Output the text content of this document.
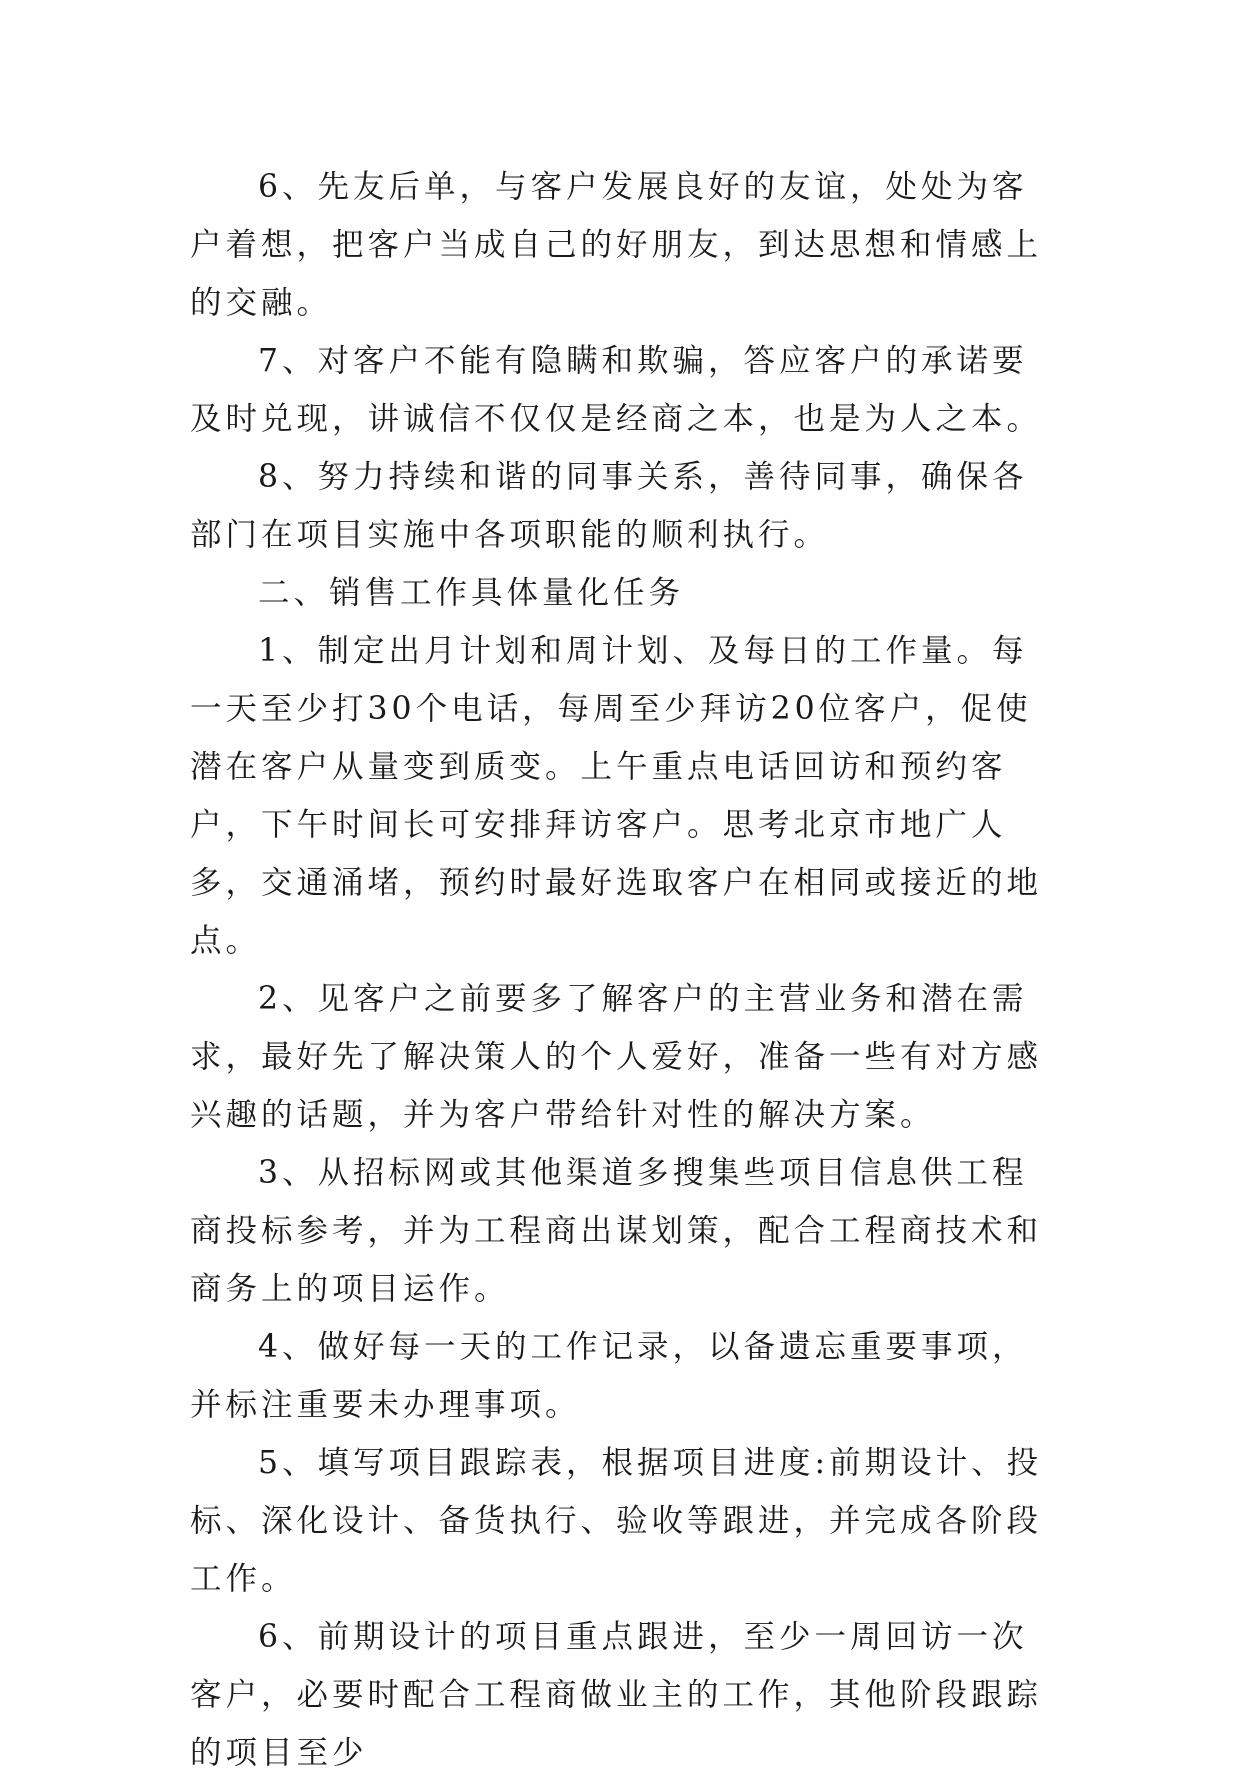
6、先友后单，与客户发展良好的友谊，处处为客户着想，把客户当成自己的好朋友，到达思想和情感上的交融。

7、对客户不能有隐瞒和欺骗，答应客户的承诺要及时兑现，讲诚信不仅仅是经商之本，也是为人之本。

8、努力持续和谐的同事关系，善待同事，确保各部门在项目实施中各项职能的顺利执行。

二、销售工作具体量化任务

1、制定出月计划和周计划、及每日的工作量。每一天至少打30个电话，每周至少拜访20位客户，促使潜在客户从量变到质变。上午重点电话回访和预约客户，下午时间长可安排拜访客户。思考北京市地广人多，交通涌堵，预约时最好选取客户在相同或接近的地点。

2、见客户之前要多了解客户的主营业务和潜在需求，最好先了解决策人的个人爱好，准备一些有对方感兴趣的话题，并为客户带给针对性的解决方案。

3、从招标网或其他渠道多搜集些项目信息供工程商投标参考，并为工程商出谋划策，配合工程商技术和商务上的项目运作。

4、做好每一天的工作记录，以备遗忘重要事项，并标注重要未办理事项。

5、填写项目跟踪表，根据项目进度:前期设计、投标、深化设计、备货执行、验收等跟进，并完成各阶段工作。

6、前期设计的项目重点跟进，至少一周回访一次客户，必要时配合工程商做业主的工作，其他阶段跟踪的项目至少
